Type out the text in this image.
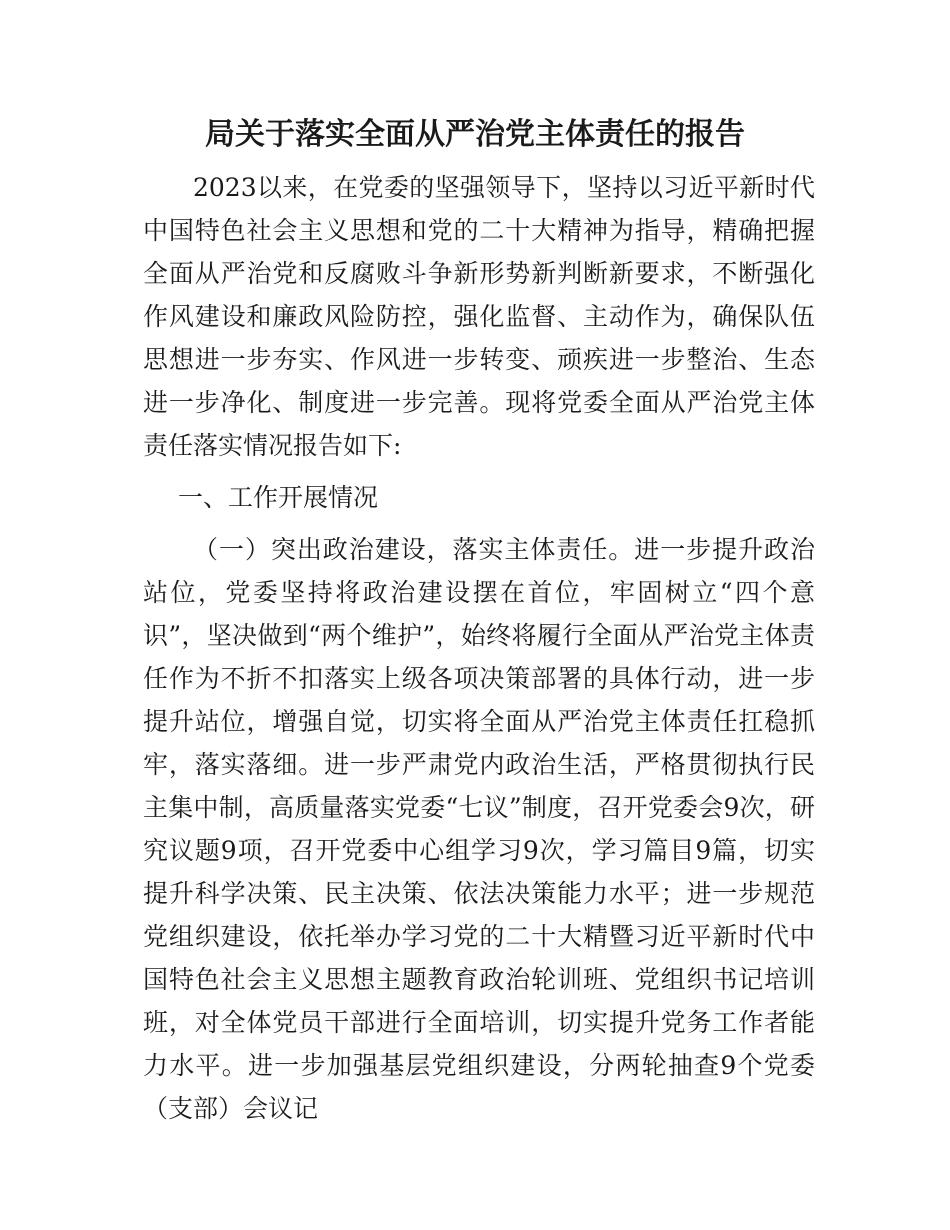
局关于落实全面从严治党主体责任的报告

2023以来，在党委的坚强领导下，坚持以习近平新时代中国特色社会主义思想和党的二十大精神为指导，精确把握全面从严治党和反腐败斗争新形势新判断新要求，不断强化作风建设和廉政风险防控，强化监督、主动作为，确保队伍思想进一步夯实、作风进一步转变、顽疾进一步整治、生态进一步净化、制度进一步完善。现将党委全面从严治党主体责任落实情况报告如下:

一、工作开展情况

（一）突出政治建设，落实主体责任。进一步提升政治站位，党委坚持将政治建设摆在首位，牢固树立“四个意识”，坚决做到“两个维护”，始终将履行全面从严治党主体责任作为不折不扣落实上级各项决策部署的具体行动，进一步提升站位，增强自觉，切实将全面从严治党主体责任扛稳抓牢，落实落细。进一步严肃党内政治生活，严格贯彻执行民主集中制，高质量落实党委“七议”制度，召开党委会9次，研究议题9项，召开党委中心组学习9次，学习篇目9篇，切实提升科学决策、民主决策、依法决策能力水平；进一步规范党组织建设，依托举办学习党的二十大精暨习近平新时代中国特色社会主义思想主题教育政治轮训班、党组织书记培训班，对全体党员干部进行全面培训，切实提升党务工作者能力水平。进一步加强基层党组织建设，分两轮抽查9个党委（支部）会议记
